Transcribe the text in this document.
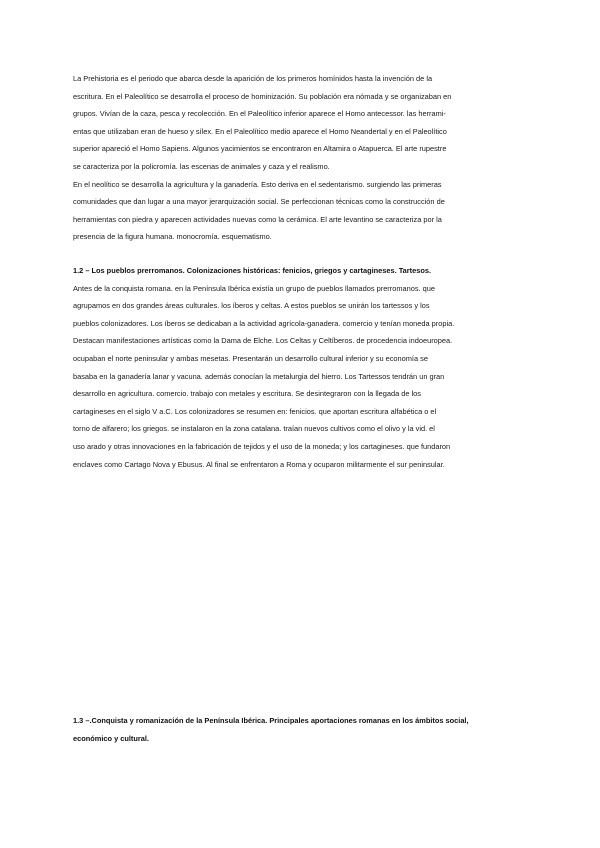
La Prehistoria es el periodo que abarca desde la aparición de los primeros homínidos hasta la invención de la
escritura. En el Paleolítico se desarrolla el proceso de hominización. Su población era nómada y se organizaban en
grupos. Vivían de la caza, pesca y recolección. En el Paleolítico inferior aparece el Homo antecessor. las herrami-
entas que utilizaban eran de hueso y sílex. En el Paleolítico medio aparece el Homo Neandertal y en el Paleolítico
superior apareció el Homo Sapiens. Algunos yacimientos se encontraron en Altamira o Atapuerca. El arte rupestre
se caracteriza por la policromía. las escenas de animales y caza y el realismo.
En el neolítico se desarrolla la agricultura y la ganadería. Esto deriva en el sedentarismo. surgiendo las primeras
comunidades que dan lugar a una mayor jerarquización social. Se perfeccionan técnicas como la construcción de
herramientas con piedra y aparecen actividades nuevas como la cerámica. El arte levantino se caracteriza por la
presencia de la figura humana. monocromía. esquematismo.
1.2 – Los pueblos prerromanos. Colonizaciones históricas: fenicios, griegos y cartagineses. Tartesos.
Antes de la conquista romana. en la Península Ibérica existía un grupo de pueblos llamados prerromanos. que
agrupamos en dos grandes áreas culturales. los íberos y celtas. A estos pueblos se unirán los tartessos y los
pueblos colonizadores. Los íberos se dedicaban a la actividad agrícola-ganadera. comercio y tenían moneda propia.
Destacan manifestaciones artísticas como la Dama de Elche. Los Celtas y Celtíberos. de procedencia indoeuropea.
ocupaban el norte peninsular y ambas mesetas. Presentarán un desarrollo cultural inferior y su economía se
basaba en la ganadería lanar y vacuna. además conocían la metalurgia del hierro. Los Tartessos tendrán un gran
desarrollo en agricultura. comercio. trabajo con metales y escritura. Se desintegraron con la llegada de los
cartagineses en el siglo V a.C. Los colonizadores se resumen en: fenicios. que aportan escritura alfabética o el
torno de alfarero; los griegos. se instalaron en la zona catalana. traían nuevos cultivos como el olivo y la vid. el
uso arado y otras innovaciones en la fabricación de tejidos y el uso de la moneda; y los cartagineses. que fundaron
enclaves como Cartago Nova y Ebusus. Al final se enfrentaron a Roma y ocuparon militarmente el sur peninsular.
1.3 –.Conquista y romanización de la Península Ibérica. Principales aportaciones romanas en los ámbitos social,
económico y cultural.
